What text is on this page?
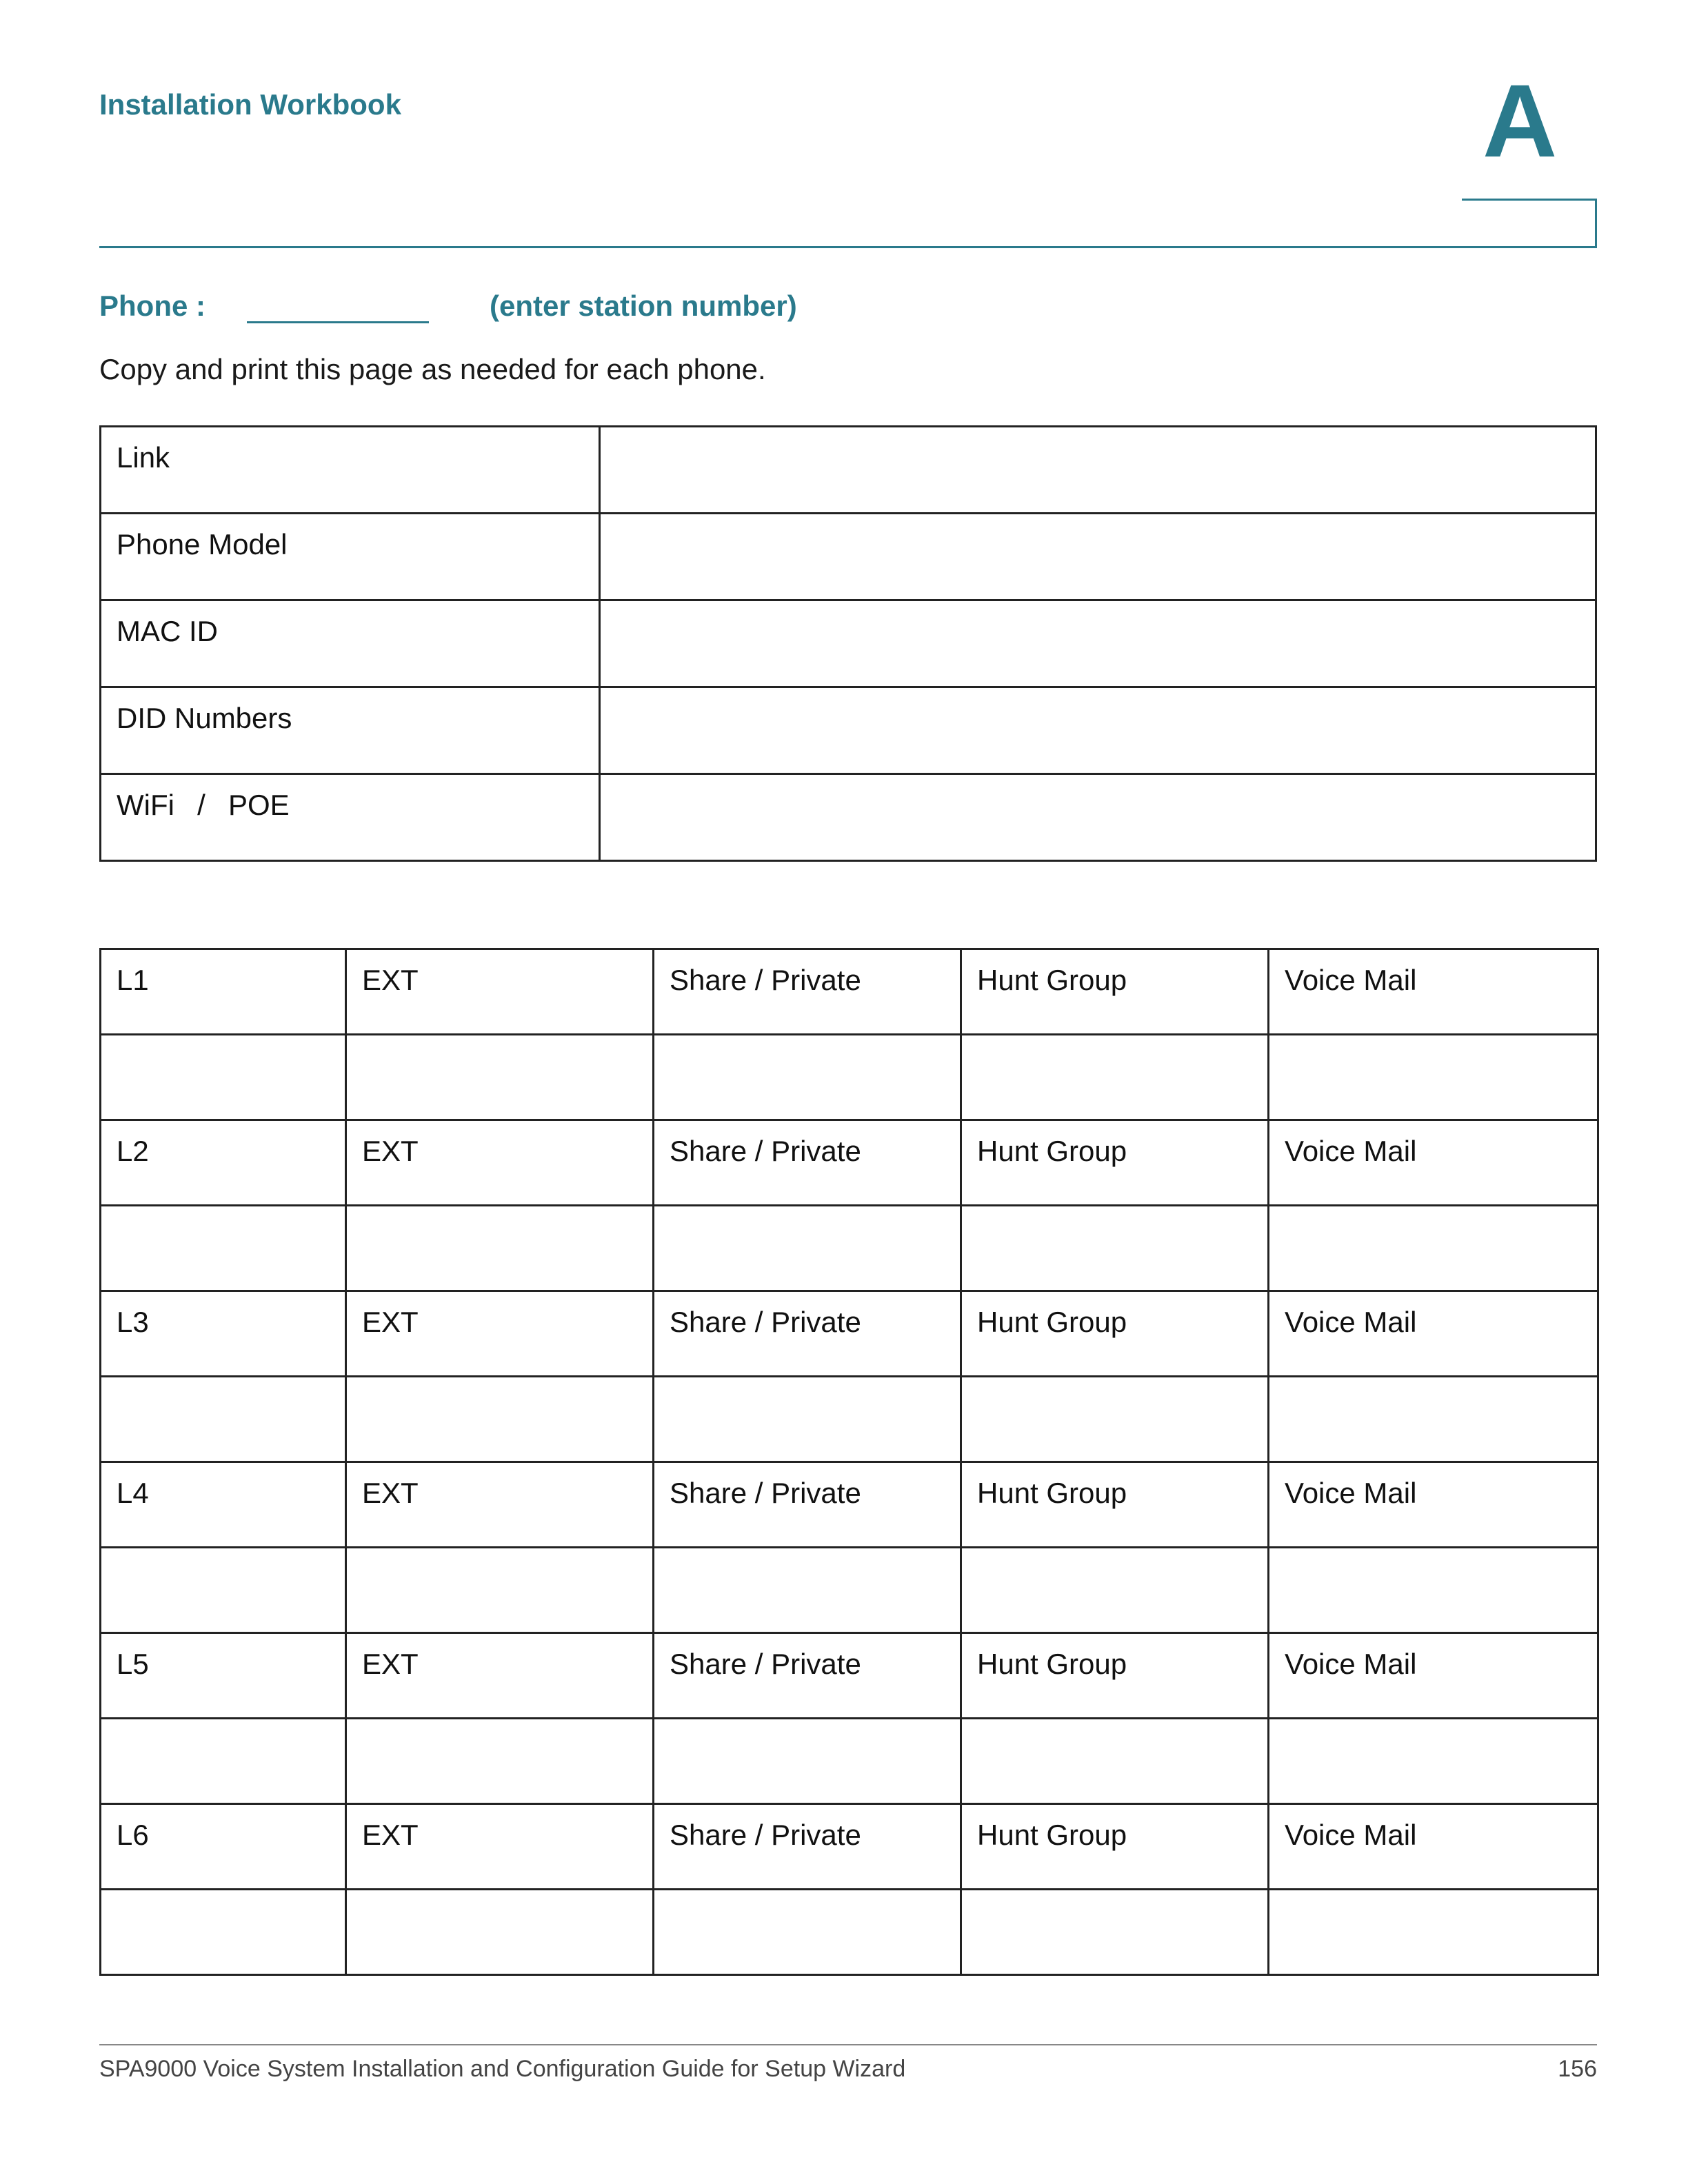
Installation Workbook	A
Phone :	(enter station number)
Copy and print this page as needed for each phone.
Link	
Phone Model	
MAC ID	
DID Numbers	
WiFi / POE	
L1	EXT	Share / Private	Hunt Group	Voice Mail

L2	EXT	Share / Private	Hunt Group	Voice Mail

L3	EXT	Share / Private	Hunt Group	Voice Mail

L4	EXT	Share / Private	Hunt Group	Voice Mail

L5	EXT	Share / Private	Hunt Group	Voice Mail

L6	EXT	Share / Private	Hunt Group	Voice Mail

SPA9000 Voice System Installation and Configuration Guide for Setup Wizard	156
